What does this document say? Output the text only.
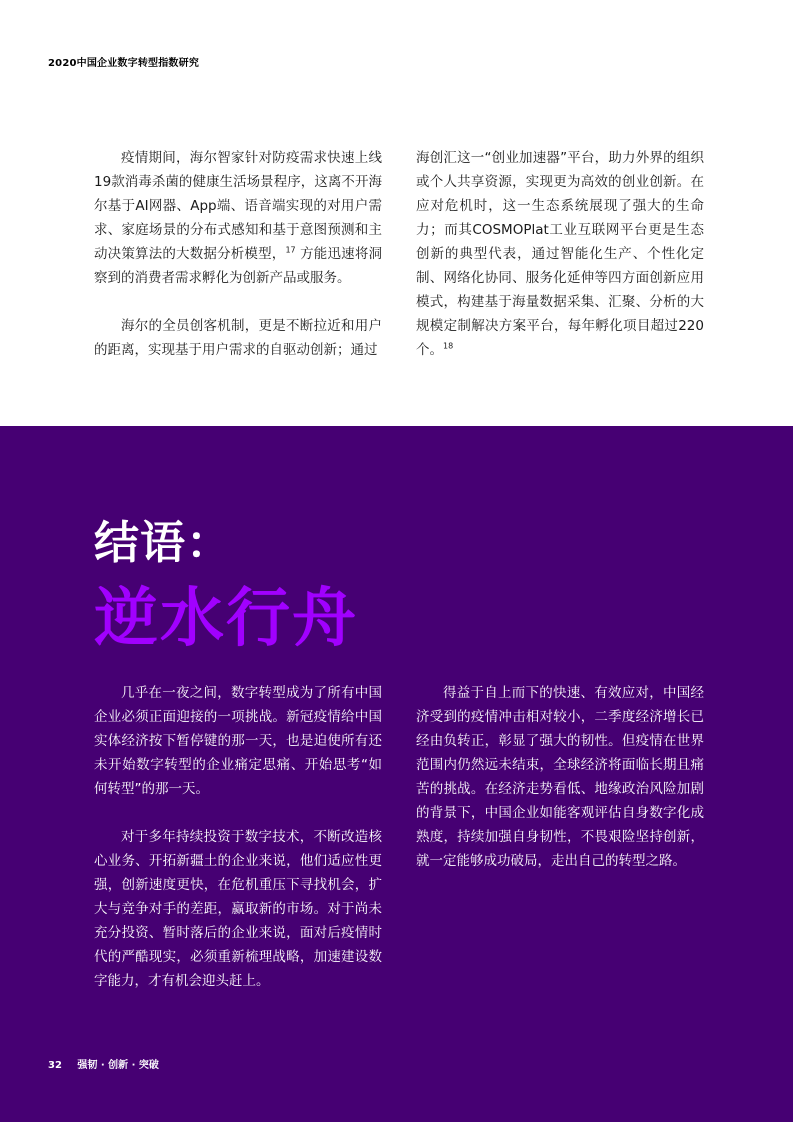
2020中国企业数字转型指数研究

疫情期间，海尔智家针对防疫需求快速上线19款消毒杀菌的健康生活场景程序，这离不开海尔基于AI网器、App端、语音端实现的对用户需求、家庭场景的分布式感知和基于意图预测和主动决策算法的大数据分析模型，$^{17}$ 方能迅速将洞察到的消费者需求孵化为创新产品或服务。

海尔的全员创客机制，更是不断拉近和用户的距离，实现基于用户需求的自驱动创新；通过

海创汇这一“创业加速器”平台，助力外界的组织或个人共享资源，实现更为高效的创业创新。在应对危机时，这一生态系统展现了强大的生命力；而其COSMOPlat工业互联网平台更是生态创新的典型代表，通过智能化生产、个性化定制、网络化协同、服务化延伸等四方面创新应用模式，构建基于海量数据采集、汇聚、分析的大规模定制解决方案平台，每年孵化项目超过220个。$^{18}$

结语：
逆水行舟

几乎在一夜之间，数字转型成为了所有中国企业必须正面迎接的一项挑战。新冠疫情给中国实体经济按下暂停键的那一天，也是迫使所有还未开始数字转型的企业痛定思痛、开始思考“如何转型”的那一天。

对于多年持续投资于数字技术，不断改造核心业务、开拓新疆土的企业来说，他们适应性更强，创新速度更快，在危机重压下寻找机会，扩大与竞争对手的差距，赢取新的市场。对于尚未充分投资、暂时落后的企业来说，面对后疫情时代的严酷现实，必须重新梳理战略，加速建设数字能力，才有机会迎头赶上。

得益于自上而下的快速、有效应对，中国经济受到的疫情冲击相对较小，二季度经济增长已经由负转正，彰显了强大的韧性。但疫情在世界范围内仍然远未结束，全球经济将面临长期且痛苦的挑战。在经济走势看低、地缘政治风险加剧的背景下，中国企业如能客观评估自身数字化成熟度，持续加强自身韧性，不畏艰险坚持创新，就一定能够成功破局，走出自己的转型之路。

32 强韧 · 创新 · 突破
